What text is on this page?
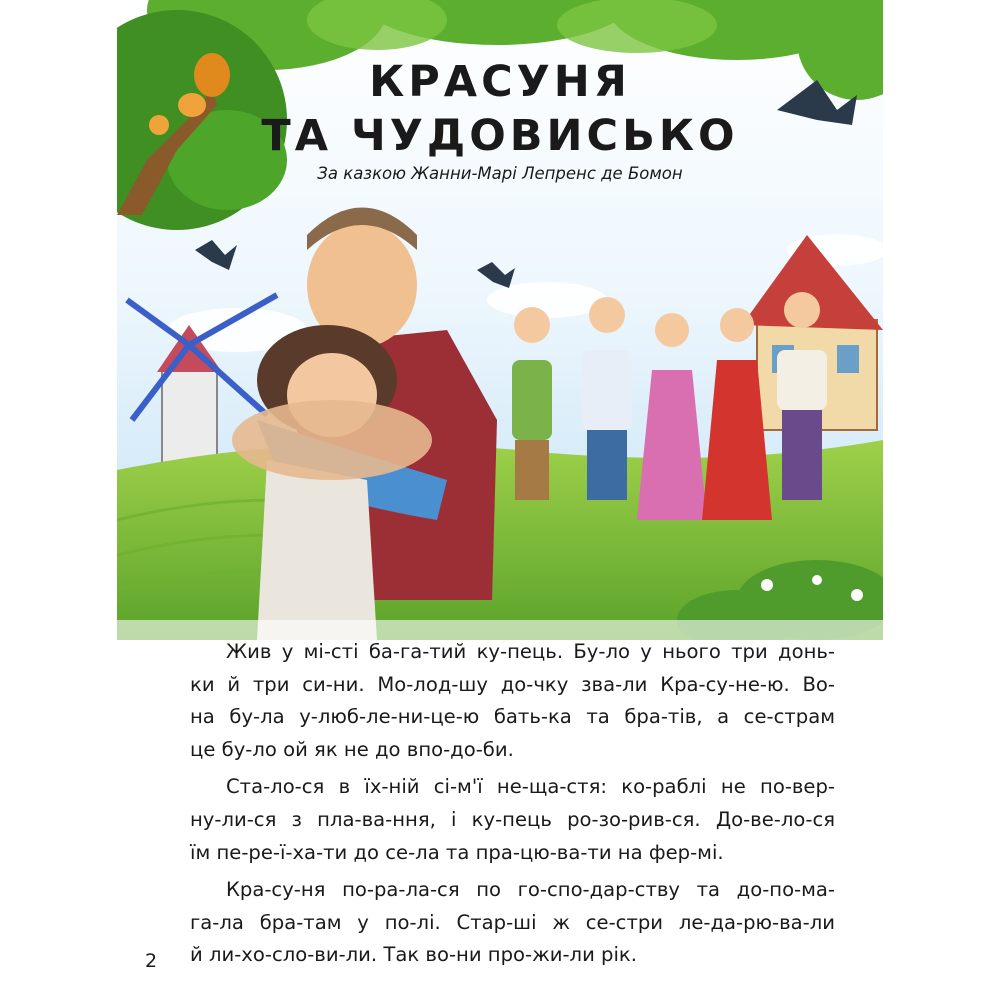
КРАСУНЯ
ТА ЧУДОВИСЬКО

За казкою Жанни-Марі Лепренс де Бомон

Жив у мі-сті ба-га-тий ку-пець. Бу-ло у нього три донь-
ки й три си-ни. Мо-лод-шу до-чку зва-ли Кра-су-не-ю. Во-
на бу-ла у-люб-ле-ни-це-ю бать-ка та бра-тів, а се-страм
це бу-ло ой як не до впо-до-би.
Ста-ло-ся в їх-ній сі-м'ї не-ща-стя: ко-раблі не по-вер-
ну-ли-ся з пла-ва-ння, і ку-пець ро-зо-рив-ся. До-ве-ло-ся
їм пе-ре-ї-ха-ти до се-ла та пра-цю-ва-ти на фер-мі.
Кра-су-ня по-ра-ла-ся по го-спо-дар-ству та до-по-ма-
га-ла бра-там у по-лі. Стар-ші ж се-стри ле-да-рю-ва-ли
й ли-хо-сло-ви-ли. Так во-ни про-жи-ли рік.
2
